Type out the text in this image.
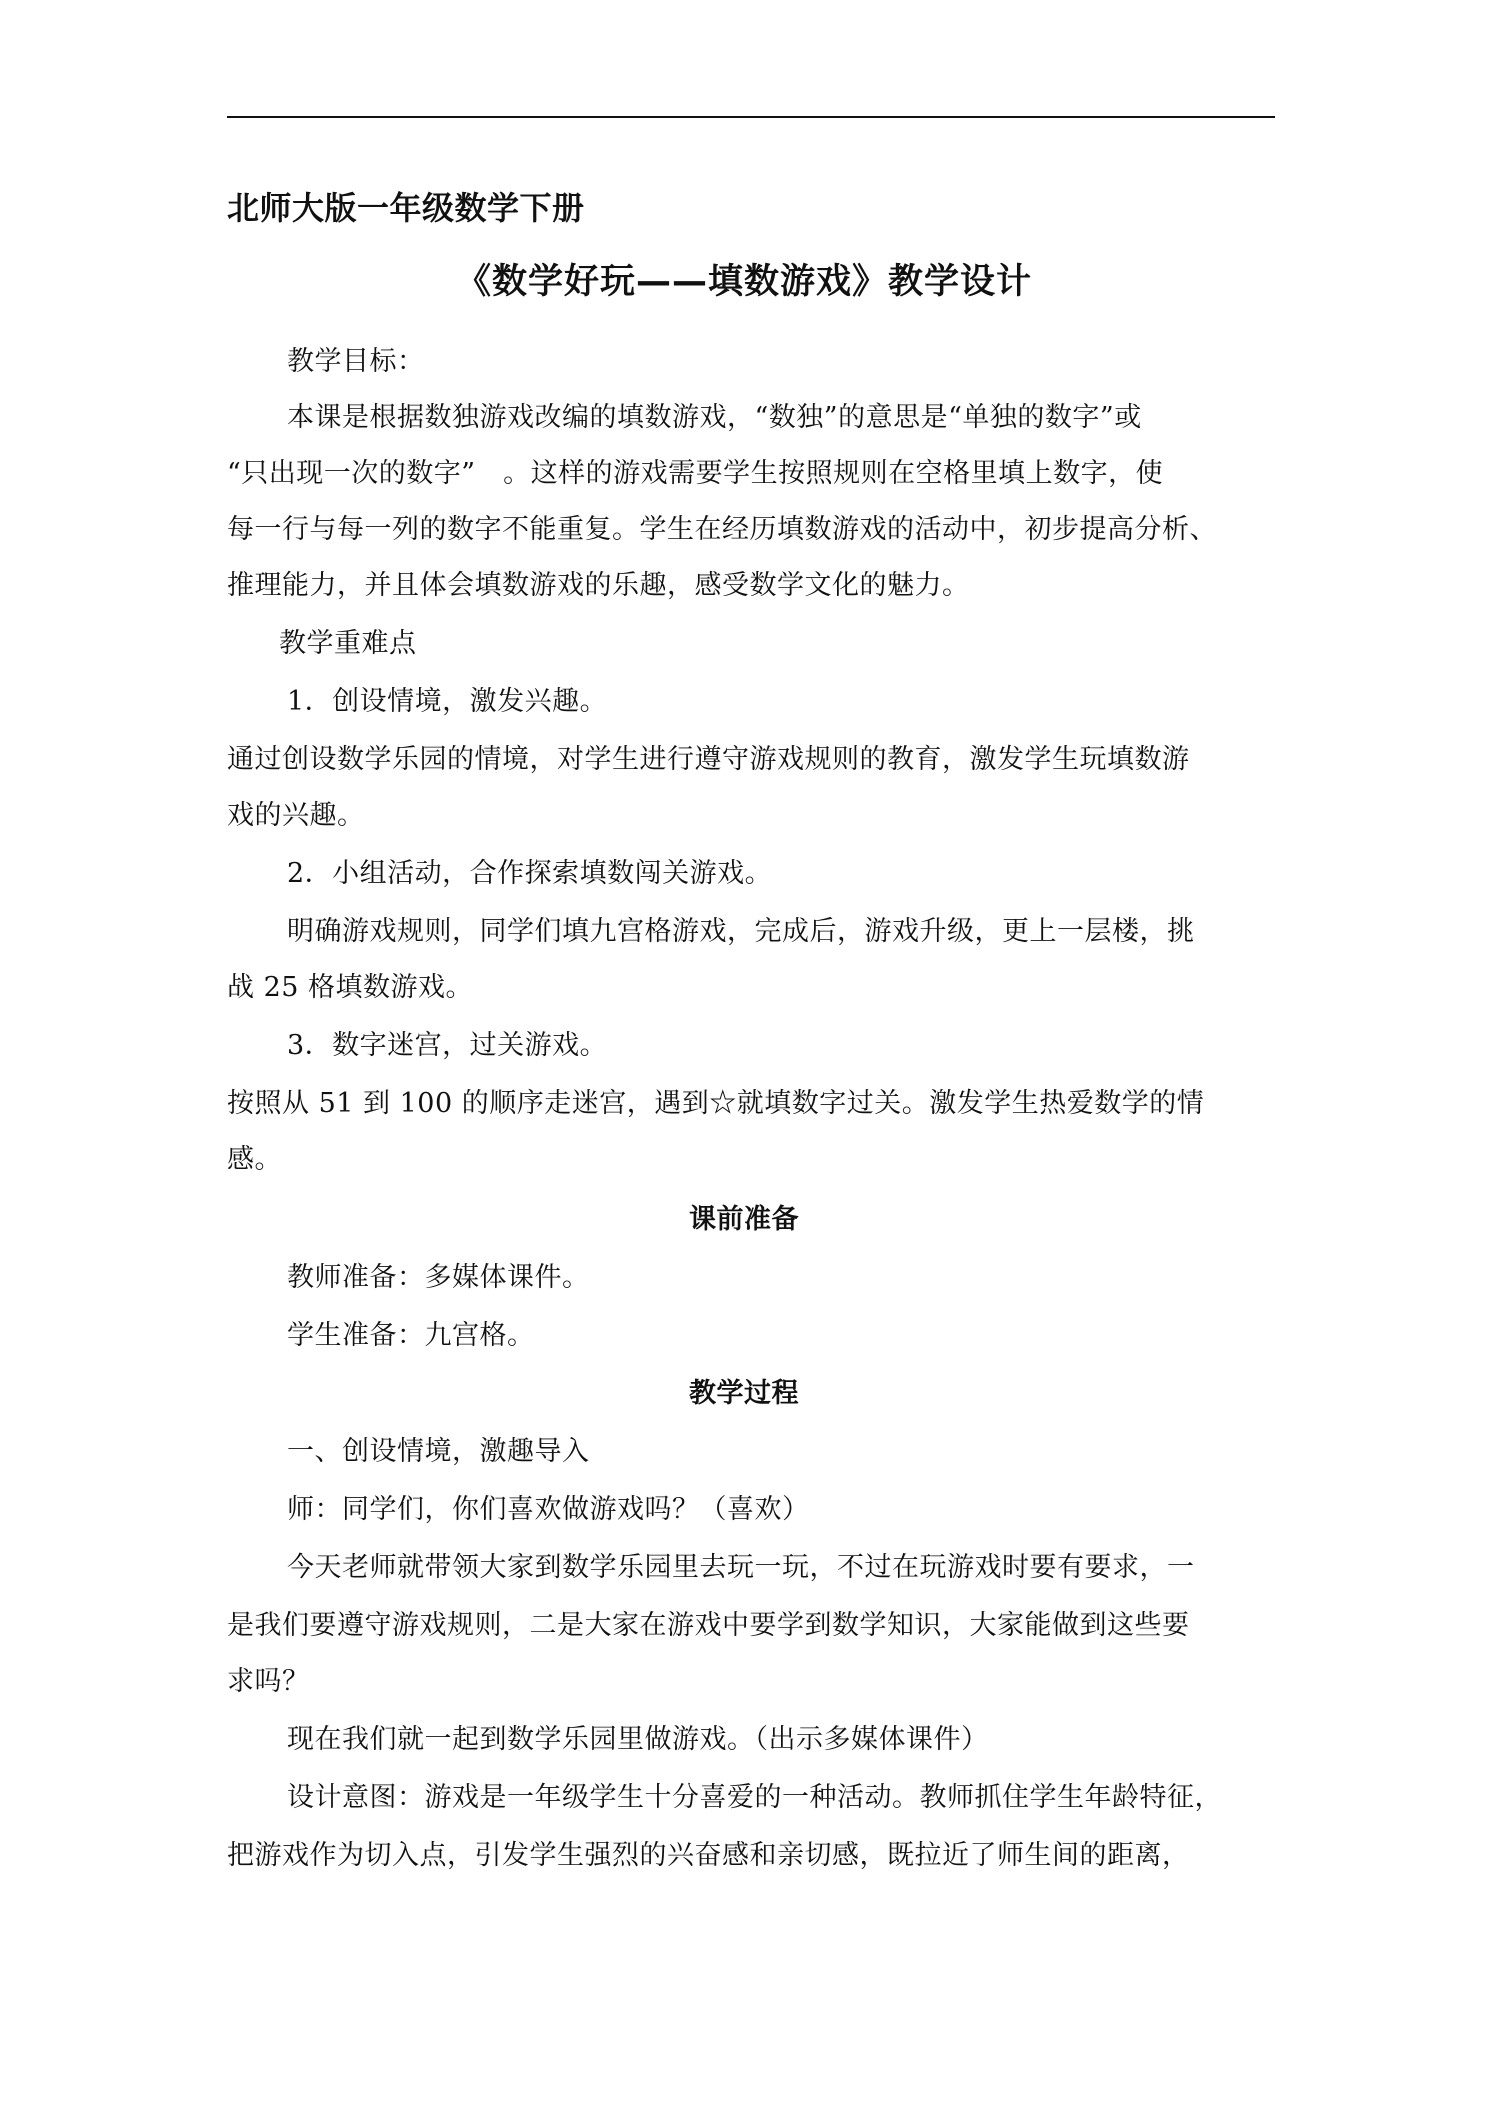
北师大版一年级数学下册
《数学好玩——填数游戏》教学设计
教学目标：
本课是根据数独游戏改编的填数游戏，“数独”的意思是“单独的数字”或
“只出现一次的数字”　。这样的游戏需要学生按照规则在空格里填上数字，使
每一行与每一列的数字不能重复。学生在经历填数游戏的活动中，初步提高分析、
推理能力，并且体会填数游戏的乐趣，感受数学文化的魅力。
教学重难点
1．创设情境，激发兴趣。
通过创设数学乐园的情境，对学生进行遵守游戏规则的教育，激发学生玩填数游
戏的兴趣。
2．小组活动，合作探索填数闯关游戏。
明确游戏规则，同学们填九宫格游戏，完成后，游戏升级，更上一层楼，挑
战 25 格填数游戏。
3．数字迷宫，过关游戏。
按照从 51 到 100 的顺序走迷宫，遇到☆就填数字过关。激发学生热爱数学的情
感。
课前准备
教师准备：多媒体课件。
学生准备：九宫格。
教学过程
一、创设情境，激趣导入
师：同学们，你们喜欢做游戏吗？（喜欢）
今天老师就带领大家到数学乐园里去玩一玩，不过在玩游戏时要有要求，一
是我们要遵守游戏规则，二是大家在游戏中要学到数学知识，大家能做到这些要
求吗？
现在我们就一起到数学乐园里做游戏。（出示多媒体课件）
设计意图：游戏是一年级学生十分喜爱的一种活动。教师抓住学生年龄特征，
把游戏作为切入点，引发学生强烈的兴奋感和亲切感，既拉近了师生间的距离，
